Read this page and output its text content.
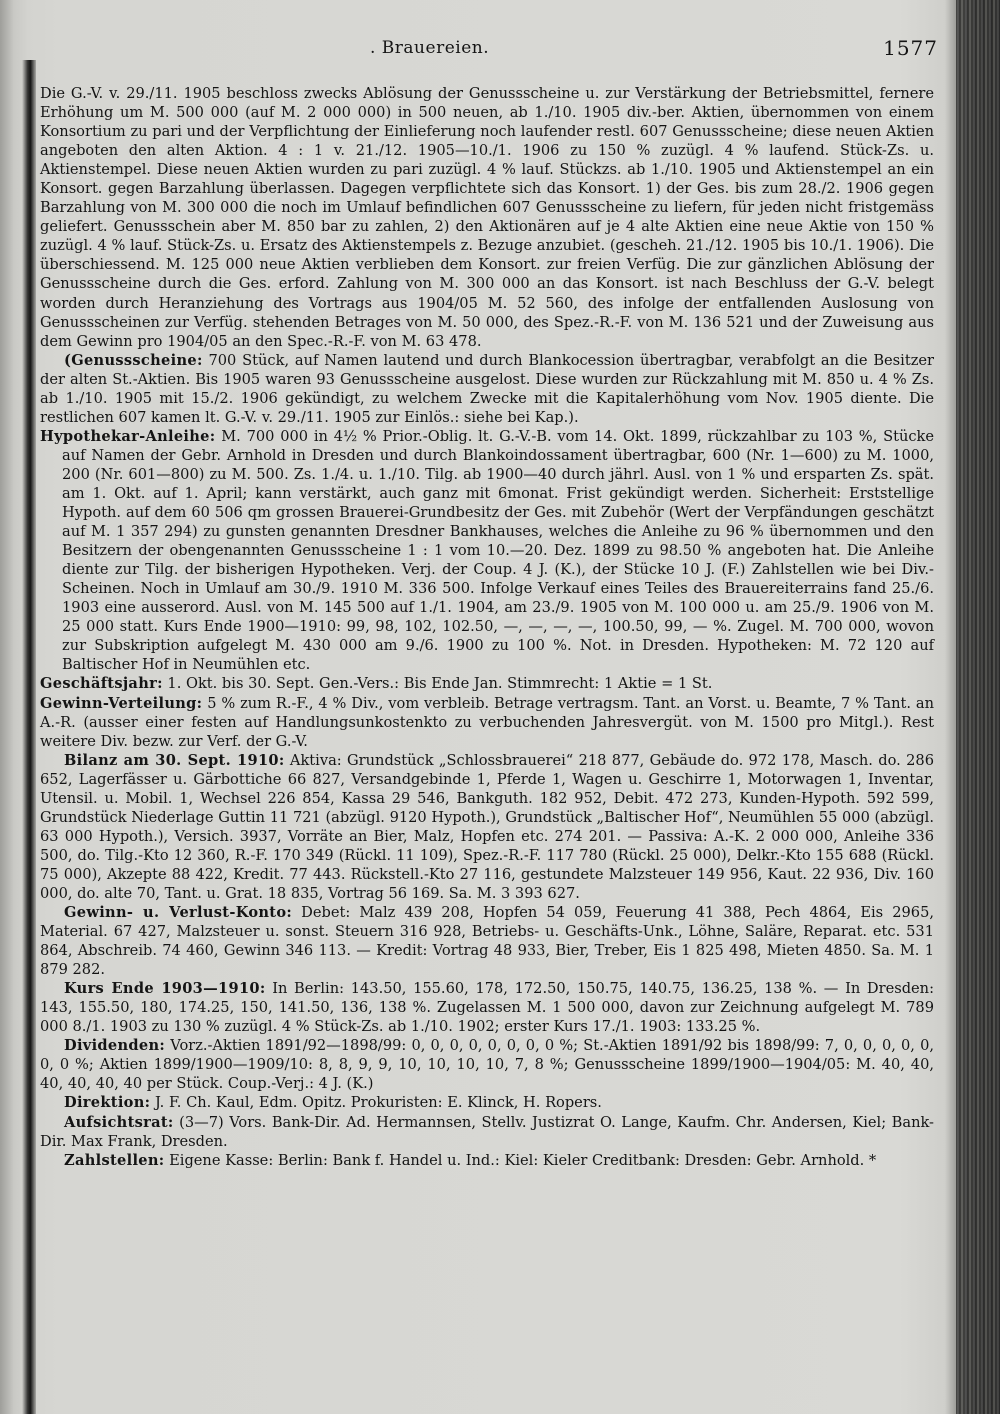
. Brauereien.	1577

Die G.-V. v. 29./11. 1905 beschloss zwecks Ablösung der Genussscheine u. zur Verstärkung der Betriebsmittel, fernere Erhöhung um M. 500 000 (auf M. 2 000 000) in 500 neuen, ab 1./10. 1905 div.-ber. Aktien, übernommen von einem Konsortium zu pari und der Verpflichtung der Einlieferung noch laufender restl. 607 Genussscheine; diese neuen Aktien angeboten den alten Aktion. 4 : 1 v. 21./12. 1905—10./1. 1906 zu 150 % zuzügl. 4 % laufend. Stück-Zs. u. Aktienstempel. Diese neuen Aktien wurden zu pari zuzügl. 4 % lauf. Stückzs. ab 1./10. 1905 und Aktienstempel an ein Konsort. gegen Barzahlung überlassen. Dagegen verpflichtete sich das Konsort. 1) der Ges. bis zum 28./2. 1906 gegen Barzahlung von M. 300 000 die noch im Umlauf befindlichen 607 Genussscheine zu liefern, für jeden nicht fristgemäss geliefert. Genussschein aber M. 850 bar zu zahlen, 2) den Aktionären auf je 4 alte Aktien eine neue Aktie von 150 % zuzügl. 4 % lauf. Stück-Zs. u. Ersatz des Aktienstempels z. Bezuge anzubiet. (gescheh. 21./12. 1905 bis 10./1. 1906). Die überschiessend. M. 125 000 neue Aktien verblieben dem Konsort. zur freien Verfüg. Die zur gänzlichen Ablösung der Genussscheine durch die Ges. erford. Zahlung von M. 300 000 an das Konsort. ist nach Beschluss der G.-V. belegt worden durch Heranziehung des Vortrags aus 1904/05 M. 52 560, des infolge der entfallenden Auslosung von Genussscheinen zur Verfüg. stehenden Betrages von M. 50 000, des Spez.-R.-F. von M. 136 521 und der Zuweisung aus dem Gewinn pro 1904/05 an den Spec.-R.-F. von M. 63 478.

(Genussscheine: 700 Stück, auf Namen lautend und durch Blankocession übertragbar, verabfolgt an die Besitzer der alten St.-Aktien. Bis 1905 waren 93 Genussscheine ausgelost. Diese wurden zur Rückzahlung mit M. 850 u. 4 % Zs. ab 1./10. 1905 mit 15./2. 1906 gekündigt, zu welchem Zwecke mit die Kapitalerhöhung vom Nov. 1905 diente. Die restlichen 607 kamen lt. G.-V. v. 29./11. 1905 zur Einlös.: siehe bei Kap.).

Hypothekar-Anleihe: M. 700 000 in 4½ % Prior.-Oblig. lt. G.-V.-B. vom 14. Okt. 1899, rückzahlbar zu 103 %, Stücke auf Namen der Gebr. Arnhold in Dresden und durch Blankoindossament übertragbar, 600 (Nr. 1—600) zu M. 1000, 200 (Nr. 601—800) zu M. 500. Zs. 1./4. u. 1./10. Tilg. ab 1900—40 durch jährl. Ausl. von 1 % und ersparten Zs. spät. am 1. Okt. auf 1. April; kann verstärkt, auch ganz mit 6monat. Frist gekündigt werden. Sicherheit: Erststellige Hypoth. auf dem 60 506 qm grossen Brauerei-Grundbesitz der Ges. mit Zubehör (Wert der Verpfändungen geschätzt auf M. 1 357 294) zu gunsten genannten Dresdner Bankhauses, welches die Anleihe zu 96 % übernommen und den Besitzern der obengenannten Genussscheine 1 : 1 vom 10.—20. Dez. 1899 zu 98.50 % angeboten hat. Die Anleihe diente zur Tilg. der bisherigen Hypotheken. Verj. der Coup. 4 J. (K.), der Stücke 10 J. (F.) Zahlstellen wie bei Div.-Scheinen. Noch in Umlauf am 30./9. 1910 M. 336 500. Infolge Verkauf eines Teiles des Brauereiterrains fand 25./6. 1903 eine ausserord. Ausl. von M. 145 500 auf 1./1. 1904, am 23./9. 1905 von M. 100 000 u. am 25./9. 1906 von M. 25 000 statt. Kurs Ende 1900—1910: 99, 98, 102, 102.50, —, —, —, —, 100.50, 99, — %. Zugel. M. 700 000, wovon zur Subskription aufgelegt M. 430 000 am 9./6. 1900 zu 100 %. Not. in Dresden. Hypotheken: M. 72 120 auf Baltischer Hof in Neumühlen etc.

Geschäftsjahr: 1. Okt. bis 30. Sept. Gen.-Vers.: Bis Ende Jan. Stimmrecht: 1 Aktie = 1 St.

Gewinn-Verteilung: 5 % zum R.-F., 4 % Div., vom verbleib. Betrage vertragsm. Tant. an Vorst. u. Beamte, 7 % Tant. an A.-R. (ausser einer festen auf Handlungsunkostenkto zu verbuchenden Jahresvergüt. von M. 1500 pro Mitgl.). Rest weitere Div. bezw. zur Verf. der G.-V.

Bilanz am 30. Sept. 1910: Aktiva: Grundstück „Schlossbrauerei“ 218 877, Gebäude do. 972 178, Masch. do. 286 652, Lagerfässer u. Gärbottiche 66 827, Versandgebinde 1, Pferde 1, Wagen u. Geschirre 1, Motorwagen 1, Inventar, Utensil. u. Mobil. 1, Wechsel 226 854, Kassa 29 546, Bankguth. 182 952, Debit. 472 273, Kunden-Hypoth. 592 599, Grundstück Niederlage Guttin 11 721 (abzügl. 9120 Hypoth.), Grundstück „Baltischer Hof“, Neumühlen 55 000 (abzügl. 63 000 Hypoth.), Versich. 3937, Vorräte an Bier, Malz, Hopfen etc. 274 201. — Passiva: A.-K. 2 000 000, Anleihe 336 500, do. Tilg.-Kto 12 360, R.-F. 170 349 (Rückl. 11 109), Spez.-R.-F. 117 780 (Rückl. 25 000), Delkr.-Kto 155 688 (Rückl. 75 000), Akzepte 88 422, Kredit. 77 443. Rückstell.-Kto 27 116, gestundete Malzsteuer 149 956, Kaut. 22 936, Div. 160 000, do. alte 70, Tant. u. Grat. 18 835, Vortrag 56 169. Sa. M. 3 393 627.

Gewinn- u. Verlust-Konto: Debet: Malz 439 208, Hopfen 54 059, Feuerung 41 388, Pech 4864, Eis 2965, Material. 67 427, Malzsteuer u. sonst. Steuern 316 928, Betriebs- u. Geschäfts-Unk., Löhne, Saläre, Reparat. etc. 531 864, Abschreib. 74 460, Gewinn 346 113. — Kredit: Vortrag 48 933, Bier, Treber, Eis 1 825 498, Mieten 4850. Sa. M. 1 879 282.

Kurs Ende 1903—1910: In Berlin: 143.50, 155.60, 178, 172.50, 150.75, 140.75, 136.25, 138 %. — In Dresden: 143, 155.50, 180, 174.25, 150, 141.50, 136, 138 %. Zugelassen M. 1 500 000, davon zur Zeichnung aufgelegt M. 789 000 8./1. 1903 zu 130 % zuzügl. 4 % Stück-Zs. ab 1./10. 1902; erster Kurs 17./1. 1903: 133.25 %.

Dividenden: Vorz.-Aktien 1891/92—1898/99: 0, 0, 0, 0, 0, 0, 0, 0 %; St.-Aktien 1891/92 bis 1898/99: 7, 0, 0, 0, 0, 0, 0, 0 %; Aktien 1899/1900—1909/10: 8, 8, 9, 9, 10, 10, 10, 10, 7, 8 %; Genussscheine 1899/1900—1904/05: M. 40, 40, 40, 40, 40, 40 per Stück. Coup.-Verj.: 4 J. (K.)

Direktion: J. F. Ch. Kaul, Edm. Opitz. Prokuristen: E. Klinck, H. Ropers.

Aufsichtsrat: (3—7) Vors. Bank-Dir. Ad. Hermannsen, Stellv. Justizrat O. Lange, Kaufm. Chr. Andersen, Kiel; Bank-Dir. Max Frank, Dresden.

Zahlstellen: Eigene Kasse: Berlin: Bank f. Handel u. Ind.: Kiel: Kieler Creditbank: Dresden: Gebr. Arnhold. *
